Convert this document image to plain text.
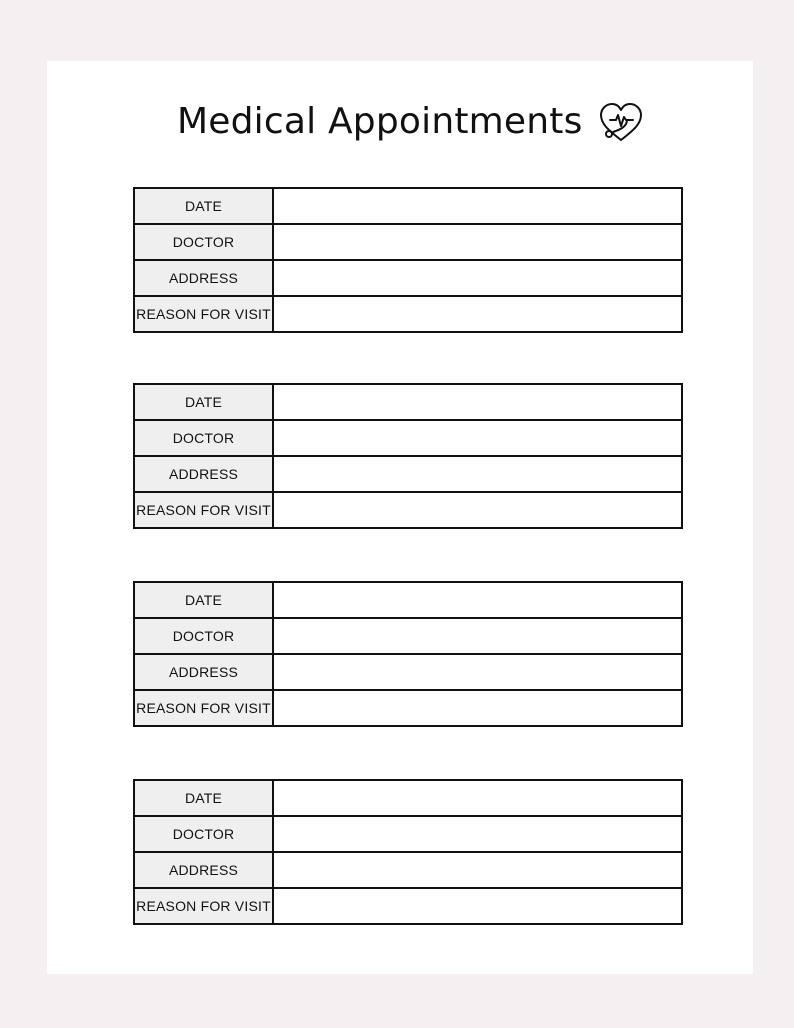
Medical Appointments
DATE	
DOCTOR	
ADDRESS	
REASON FOR VISIT	
DATE	
DOCTOR	
ADDRESS	
REASON FOR VISIT	
DATE	
DOCTOR	
ADDRESS	
REASON FOR VISIT	
DATE	
DOCTOR	
ADDRESS	
REASON FOR VISIT	
